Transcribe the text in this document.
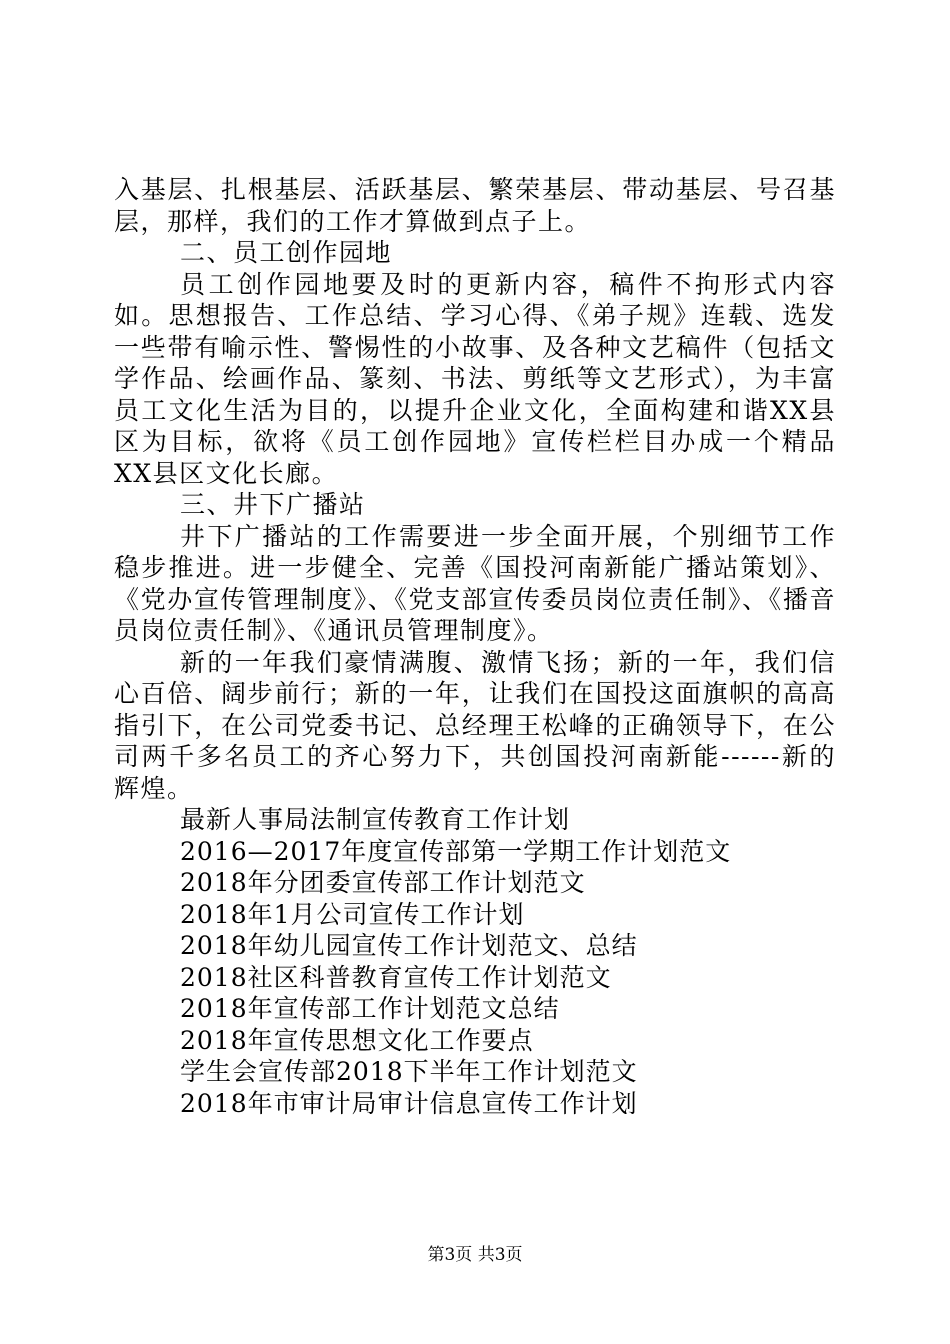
入基层、扎根基层、活跃基层、繁荣基层、带动基层、号召基层，那样，我们的工作才算做到点子上。

二、员工创作园地

员工创作园地要及时的更新内容，稿件不拘形式内容如。思想报告、工作总结、学习心得、《弟子规》连载、选发一些带有喻示性、警惕性的小故事、及各种文艺稿件（包括文学作品、绘画作品、篆刻、书法、剪纸等文艺形式），为丰富员工文化生活为目的，以提升企业文化，全面构建和谐XX县区为目标，欲将《员工创作园地》宣传栏栏目办成一个精品XX县区文化长廊。

三、井下广播站

井下广播站的工作需要进一步全面开展，个别细节工作稳步推进。进一步健全、完善《国投河南新能广播站策划》、《党办宣传管理制度》、《党支部宣传委员岗位责任制》、《播音员岗位责任制》、《通讯员管理制度》。

新的一年我们豪情满腹、激情飞扬；新的一年，我们信心百倍、阔步前行；新的一年，让我们在国投这面旗帜的高高指引下，在公司党委书记、总经理王松峰的正确领导下，在公司两千多名员工的齐心努力下，共创国投河南新能------新的辉煌。

最新人事局法制宣传教育工作计划
2016—2017年度宣传部第一学期工作计划范文
2018年分团委宣传部工作计划范文
2018年1月公司宣传工作计划
2018年幼儿园宣传工作计划范文、总结
2018社区科普教育宣传工作计划范文
2018年宣传部工作计划范文总结
2018年宣传思想文化工作要点
学生会宣传部2018下半年工作计划范文
2018年市审计局审计信息宣传工作计划
第3页 共3页
